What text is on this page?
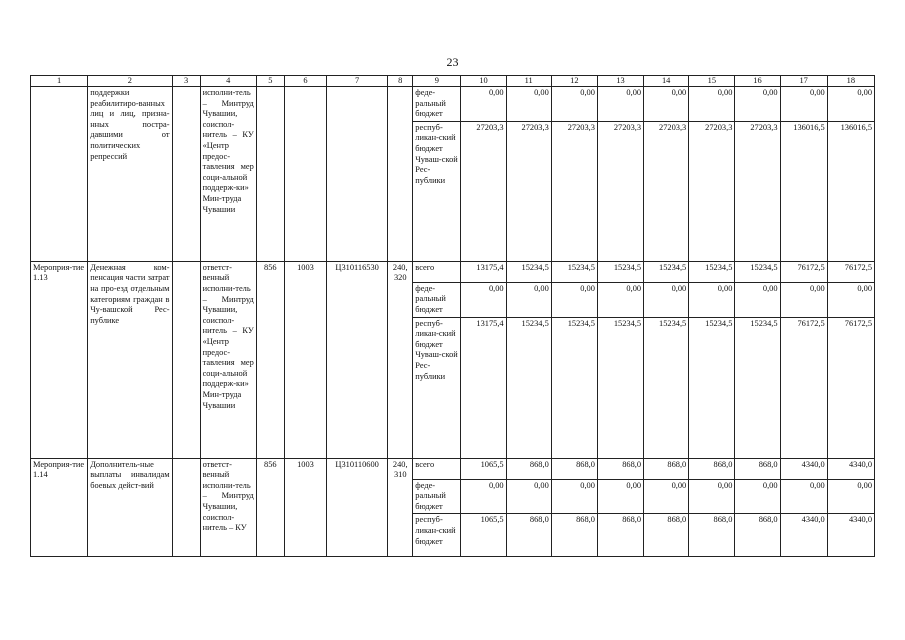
23
1	2	3	4	5	6	7	8	9	10	11	12	13	14	15	16	17	18
	поддержки реабилитиро-ванных лиц и лиц, призна-нных постра-давшими от политических репрессий		исполни-тель – Минтруд Чувашии, соиспол-нитель – КУ «Центр предос-тавления мер соци-альной поддерж-ки» Мин-труда Чувашии					феде-ральный бюджет	0,00	0,00	0,00	0,00	0,00	0,00	0,00	0,00	0,00
								респуб-ликан-ский бюджет Чуваш-ской Рес-публики	27203,3	27203,3	27203,3	27203,3	27203,3	27203,3	27203,3	136016,5	136016,5
Мероприя-тие 1.13	Денежная ком-пенсация части затрат на про-езд отдельным категориям граждан в Чу-вашской Рес-публике		ответст-венный исполни-тель – Минтруд Чувашии, соиспол-нитель – КУ «Центр предос-тавления мер соци-альной поддерж-ки» Мин-труда Чувашии	856	1003	Ц310116530	240, 320	всего	13175,4	15234,5	15234,5	15234,5	15234,5	15234,5	15234,5	76172,5	76172,5
								феде-ральный бюджет	0,00	0,00	0,00	0,00	0,00	0,00	0,00	0,00	0,00
								респуб-ликан-ский бюджет Чуваш-ской Рес-публики	13175,4	15234,5	15234,5	15234,5	15234,5	15234,5	15234,5	76172,5	76172,5
Мероприя-тие 1.14	Дополнитель-ные выплаты инвалидам боевых дейст-вий		ответст-венный исполни-тель – Минтруд Чувашии, соиспол-нитель – КУ	856	1003	Ц310110600	240, 310	всего	1065,5	868,0	868,0	868,0	868,0	868,0	868,0	4340,0	4340,0
								феде-ральный бюджет	0,00	0,00	0,00	0,00	0,00	0,00	0,00	0,00	0,00
								респуб-ликан-ский бюджет	1065,5	868,0	868,0	868,0	868,0	868,0	868,0	4340,0	4340,0
